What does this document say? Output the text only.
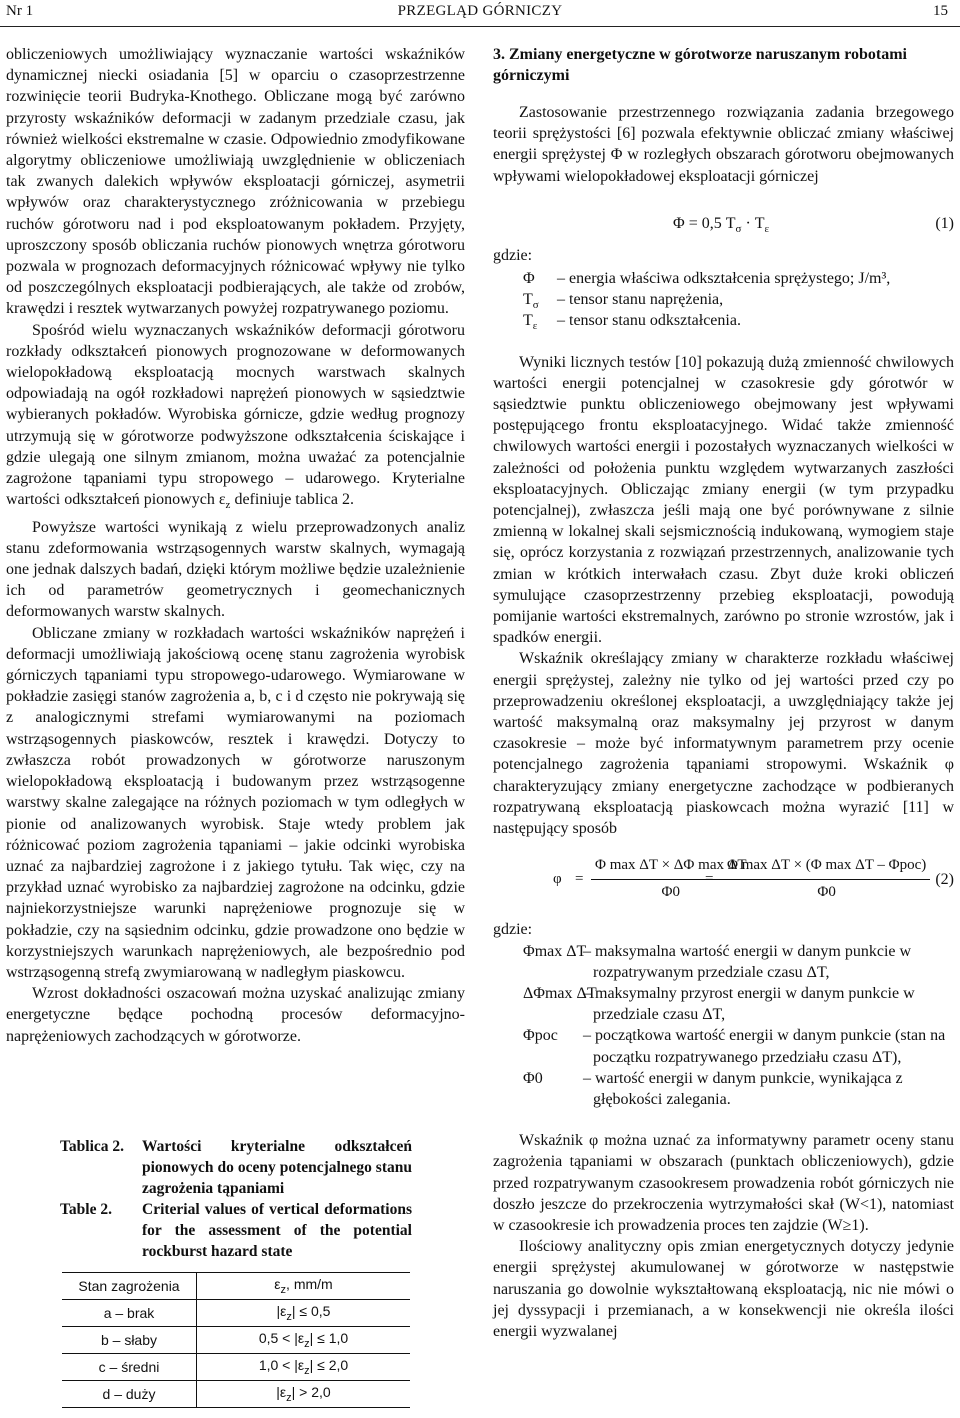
PRZEGLĄD GÓRNICZY
Nr 1	15

obliczeniowych umożliwiający wyznaczanie wartości wskaźników dynamicznej niecki osiadania [5] w oparciu o czasoprzestrzenne rozwinięcie teorii Budryka-Knothego. Obliczane mogą być zarówno przyrosty wskaźników deformacji w zadanym przedziale czasu, jak również wielkości ekstremalne w czasie. Odpowiednio zmodyfikowane algorytmy obliczeniowe umożliwiają uwzględnienie w obliczeniach tak zwanych dalekich wpływów eksploatacji górniczej, asymetrii wpływów oraz charakterystycznego zróżnicowania w przebiegu ruchów górotworu nad i pod eksploatowanym pokładem. Przyjęty, uproszczony sposób obliczania ruchów pionowych wnętrza górotworu pozwala w prognozach deformacyjnych różnicować wpływy nie tylko od poszczególnych eksploatacji podbierających, ale także od zrobów, krawędzi i resztek wytwarzanych powyżej rozpatrywanego poziomu.

Spośród wielu wyznaczanych wskaźników deformacji górotworu rozkłady odkształceń pionowych prognozowane w deformowanych wielopokładową eksploatacją mocnych warstwach skalnych odpowiadają na ogół rozkładowi naprężeń pionowych w sąsiedztwie wybieranych pokładów. Wyrobiska górnicze, gdzie według prognozy utrzymują się w górotworze podwyższone odkształcenia ściskające i gdzie ulegają one silnym zmianom, można uważać za potencjalnie zagrożone tąpaniami typu stropowego – udarowego. Kryterialne wartości odkształceń pionowych $\varepsilon_z$ definiuje tablica 2.

Powyższe wartości wynikają z wielu przeprowadzonych analiz stanu zdeformowania wstrząsogennych warstw skalnych, wymagają one jednak dalszych badań, dzięki którym możliwe będzie uzależnienie ich od parametrów geometrycznych i geomechanicznych deformowanych warstw skalnych.

Obliczane zmiany w rozkładach wartości wskaźników naprężeń i deformacji umożliwiają jakościową ocenę stanu zagrożenia wyrobisk górniczych tąpaniami typu stropowego-udarowego. Wymiarowane w pokładzie zasięgi stanów zagrożenia a, b, c i d często nie pokrywają się z analogicznymi strefami wymiarowanymi na poziomach wstrząsogennych piaskowców, resztek i krawędzi. Dotyczy to zwłaszcza robót prowadzonych w górotworze naruszonym wielopokładową eksploatacją i budowanym przez wstrząsogenne warstwy skalne zalegające na różnych poziomach w tym odległych w pionie od analizowanych wyrobisk. Staje wtedy problem jak różnicować poziom zagrożenia tąpaniami – jakie odcinki wyrobiska uznać za najbardziej zagrożone i z jakiego tytułu. Tak więc, czy na przykład uznać wyrobisko za najbardziej zagrożone na odcinku, gdzie najniekorzystniejsze warunki naprężeniowe prognozuje się w pokładzie, czy na sąsiednim odcinku, gdzie prowadzone ono będzie w korzystniejszych warunkach naprężeniowych, ale bezpośrednio pod wstrząsogenną strefą zwymiarowaną w nadległym piaskowcu.

Wzrost dokładności oszacowań można uzyskać analizując zmiany energetyczne będące pochodną procesów deformacyjno-naprężeniowych zachodzących w górotworze.

Tablica 2. Wartości kryterialne odkształceń pionowych do oceny potencjalnego stanu zagrożenia tąpaniami
Table 2. Criterial values of vertical deformations for the assessment of the potential rockburst hazard state
Stan zagrożenia	$\varepsilon_z$, mm/m
a – brak	$|\varepsilon_z| \le 0,5$
b – słaby	$0,5 < |\varepsilon_z| \le 1,0$
c – średni	$1,0 < |\varepsilon_z| \le 2,0$
d – duży	$|\varepsilon_z| > 2,0$
3. Zmiany energetyczne w górotworze naruszanym robotami górniczymi

Zastosowanie przestrzennego rozwiązania zadania brzegowego teorii sprężystości [6] pozwala efektywnie obliczać zmiany właściwej energii sprężystej Φ w rozległych obszarach górotworu obejmowanych wpływami wielopokładowej eksploatacji górniczej

Φ = 0,5 $T_\sigma \cdot T_\varepsilon$	(1)

gdzie:

Φ	– energia właściwa odkształcenia sprężystego; J/m³,
$T_\sigma$	– tensor stanu naprężenia,
$T_\varepsilon$	– tensor stanu odkształcenia.

Wyniki licznych testów [10] pokazują dużą zmienność chwilowych wartości energii potencjalnej w czasokresie gdy górotwór w sąsiedztwie punktu obliczeniowego obejmowany jest wpływami postępującego frontu eksploatacyjnego. Widać także zmienność chwilowych wartości energii i pozostałych wyznaczanych wielkości w zależności od położenia punktu względem wytwarzanych zaszłości eksploatacyjnych. Obliczając zmiany energii (w tym przypadku potencjalnej), zwłaszcza jeśli mają one być porównywane z silnie zmienną w lokalnej skali sejsmicznością indukowaną, wymogiem staje się, oprócz korzystania z rozwiązań przestrzennych, analizowanie tych zmian w krótkich interwałach czasu. Zbyt duże kroki obliczeń symulujące czasoprzestrzenny przebieg eksploatacji, powodują pomijanie wartości ekstremalnych, zarówno po stronie wzrostów, jak i spadków energii.

Wskaźnik określający zmiany w charakterze rozkładu właściwej energii sprężystej, zależny nie tylko od jej wartości przed czy po przeprowadzeniu określonej eksploatacji, a uwzględniający także jej wartość maksymalną oraz maksymalny jej przyrost w danym czasokresie – może być informatywnym parametrem przy ocenie potencjalnego zagrożenia tąpaniami stropowymi. Wskaźnik φ charakteryzujący zmiany energetyczne zachodzące w podbieranych rozpatrywaną eksploatacją piaskowcach można wyrazić [11] w następujący sposób

φ =
Φ max ΔT × ΔΦ max ΔT
Φ0
=
Φ max ΔT × (Φ max ΔT – Φpoc)
Φ0
(2)

gdzie:

Φmax ΔT
– maksymalna wartość energii w danym punkcie w rozpatrywanym przedziale czasu ΔT,
ΔΦmax ΔT
– maksymalny przyrost energii w danym punkcie w przedziale czasu ΔT,
Φpoc – początkowa wartość energii w danym punkcie (stan na początku rozpatrywanego przedziału czasu ΔT),
Φ0	– wartość energii w danym punkcie, wynikająca z głębokości zalegania.

Wskaźnik φ można uznać za informatywny parametr oceny stanu zagrożenia tąpaniami w obszarach (punktach obliczeniowych), gdzie przed rozpatrywanym czasookresem prowadzenia robót górniczych nie doszło jeszcze do przekroczenia wytrzymałości skał (W<1), natomiast w czasookresie ich prowadzenia proces ten zajdzie (W≥1).

Ilościowy analityczny opis zmian energetycznych dotyczy jedynie energii sprężystej akumulowanej w górotworze w następstwie naruszania go dowolnie wykształtowaną eksploatacją, nic nie mówi o jej dyssypacji i przemianach, a w konsekwencji nie określa ilości energii wyzwalanej
